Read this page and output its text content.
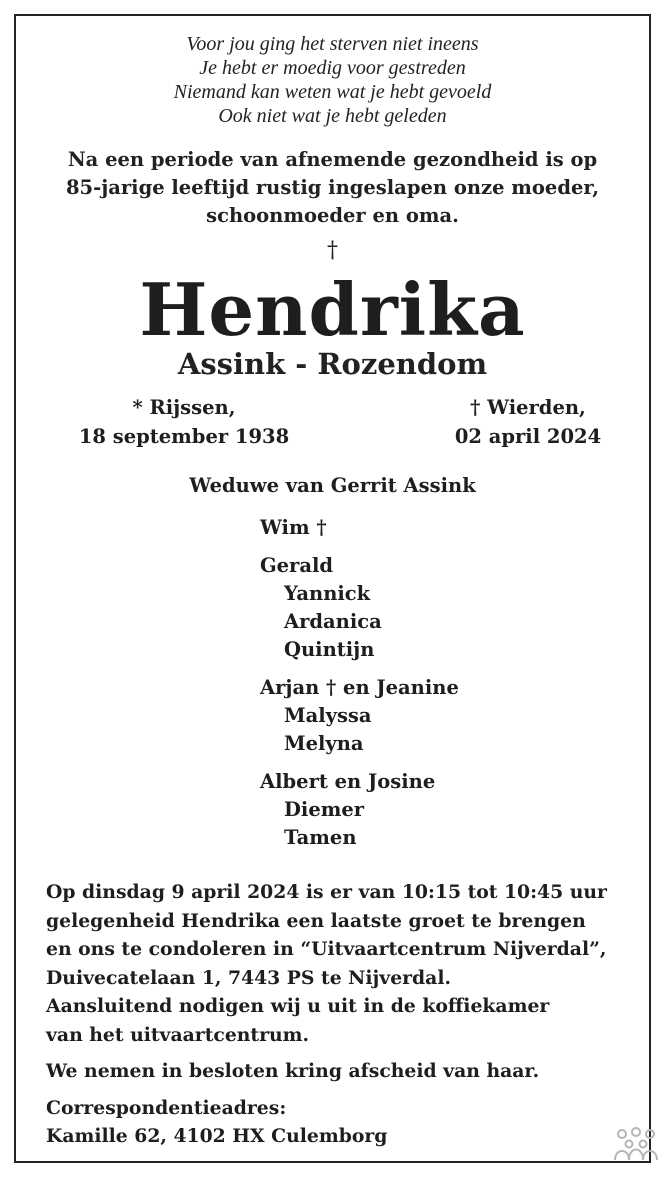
Voor jou ging het sterven niet ineens
Je hebt er moedig voor gestreden
Niemand kan weten wat je hebt gevoeld
Ook niet wat je hebt geleden
Na een periode van afnemende gezondheid is op
85-jarige leeftijd rustig ingeslapen onze moeder,
schoonmoeder en oma.
†
Hendrika
Assink - Rozendom
* Rijssen,
18 september 1938
† Wierden,
02 april 2024
Weduwe van Gerrit Assink
Wim †
Gerald
Yannick
Ardanica
Quintijn
Arjan † en Jeanine
Malyssa
Melyna
Albert en Josine
Diemer
Tamen
Op dinsdag 9 april 2024 is er van 10:15 tot 10:45 uur
gelegenheid Hendrika een laatste groet te brengen
en ons te condoleren in “Uitvaartcentrum Nijverdal”,
Duivecatelaan 1, 7443 PS te Nijverdal.
Aansluitend nodigen wij u uit in de koffiekamer
van het uitvaartcentrum.
We nemen in besloten kring afscheid van haar.
Correspondentieadres:
Kamille 62, 4102 HX Culemborg
